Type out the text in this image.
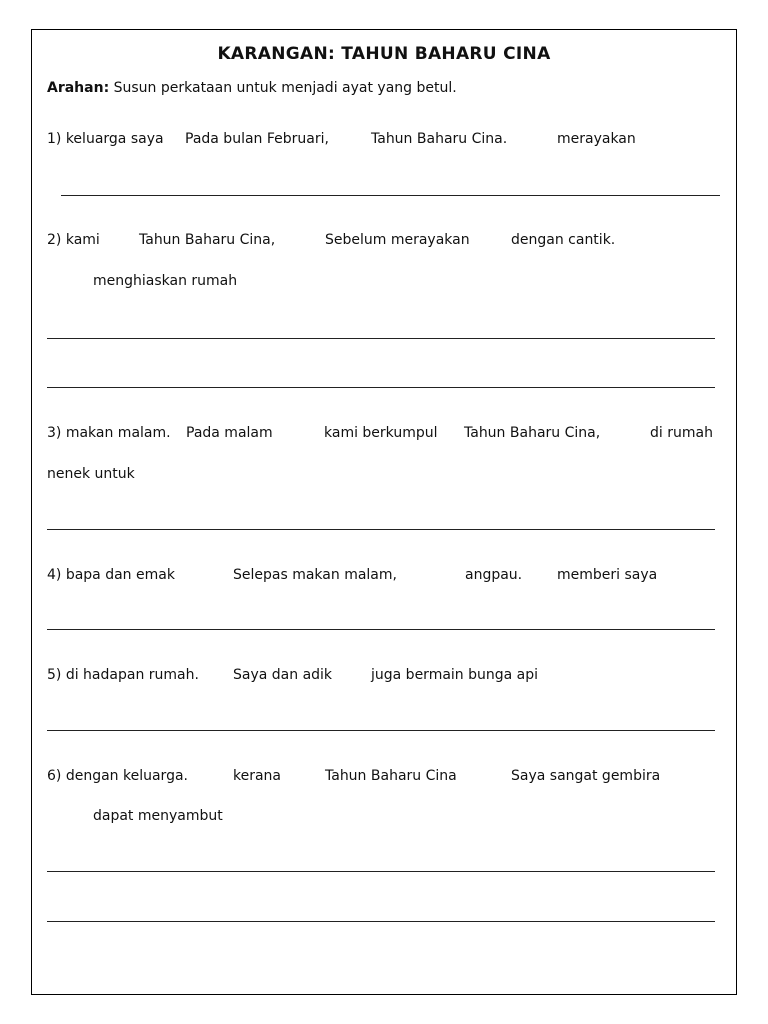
KARANGAN: TAHUN BAHARU CINA
Arahan: Susun perkataan untuk menjadi ayat yang betul.
1) keluarga saya Pada bulan Februari,	Tahun Baharu Cina.	merayakan
2) kami	Tahun Baharu Cina,	Sebelum merayakan	dengan cantik.
menghiaskan rumah
3) makan malam. Pada malam	kami berkumpul Tahun Baharu Cina,	di rumah
nenek untuk
4) bapa dan emak	Selepas makan malam,	angpau. memberi saya
5) di hadapan rumah. Saya dan adik	juga bermain bunga api
6) dengan keluarga.	kerana	Tahun Baharu Cina	Saya sangat gembira
dapat menyambut
